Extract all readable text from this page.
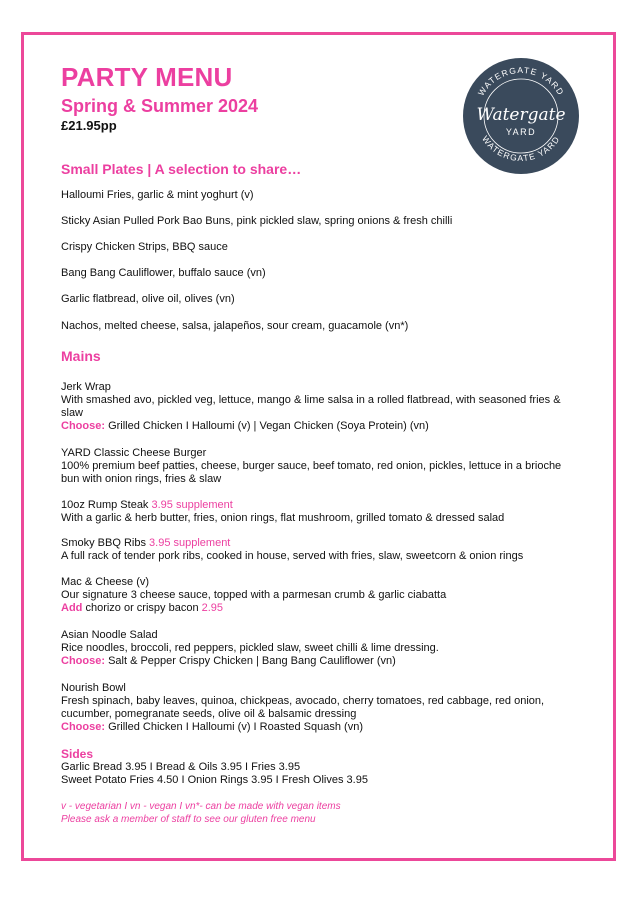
PARTY MENU
Spring & Summer 2024
£21.95pp
WATERGATE YARD
WATERGATE YARD
Watergate
YARD
Small Plates | A selection to share…
Halloumi Fries, garlic & mint yoghurt (v)
Sticky Asian Pulled Pork Bao Buns, pink pickled slaw, spring onions & fresh chilli
Crispy Chicken Strips, BBQ sauce
Bang Bang Cauliflower, buffalo sauce (vn)
Garlic flatbread, olive oil, olives (vn)
Nachos, melted cheese, salsa, jalapeños, sour cream, guacamole (vn*)
Mains
Jerk Wrap
With smashed avo, pickled veg, lettuce, mango & lime salsa in a rolled flatbread, with seasoned fries & slaw
Choose: Grilled Chicken I Halloumi (v) | Vegan Chicken (Soya Protein) (vn)
YARD Classic Cheese Burger
100% premium beef patties, cheese, burger sauce, beef tomato, red onion, pickles, lettuce in a brioche bun with onion rings, fries & slaw
10oz Rump Steak 3.95 supplement
With a garlic & herb butter, fries, onion rings, flat mushroom, grilled tomato & dressed salad
Smoky BBQ Ribs 3.95 supplement
A full rack of tender pork ribs, cooked in house, served with fries, slaw, sweetcorn & onion rings
Mac & Cheese (v)
Our signature 3 cheese sauce, topped with a parmesan crumb & garlic ciabatta
Add chorizo or crispy bacon 2.95
Asian Noodle Salad
Rice noodles, broccoli, red peppers, pickled slaw, sweet chilli & lime dressing.
Choose: Salt & Pepper Crispy Chicken | Bang Bang Cauliflower (vn)
Nourish Bowl
Fresh spinach, baby leaves, quinoa, chickpeas, avocado, cherry tomatoes, red cabbage, red onion, cucumber, pomegranate seeds, olive oil & balsamic dressing
Choose: Grilled Chicken I Halloumi (v) I Roasted Squash (vn)
Sides
Garlic Bread 3.95 I Bread & Oils 3.95 I Fries 3.95
Sweet Potato Fries 4.50 I Onion Rings 3.95 I Fresh Olives 3.95
v - vegetarian I vn - vegan I vn*- can be made with vegan items
Please ask a member of staff to see our gluten free menu
